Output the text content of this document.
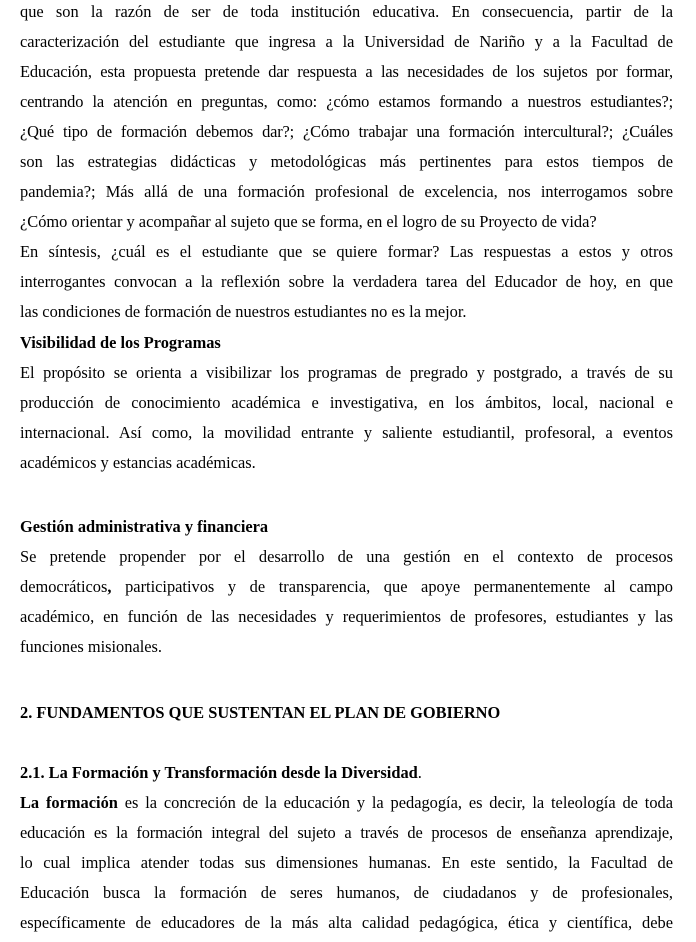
que son la razón de ser de toda institución educativa. En consecuencia, partir de la
caracterización del estudiante que ingresa a la Universidad de Nariño y a la Facultad de
Educación, esta propuesta pretende dar respuesta a las necesidades de los sujetos por formar,
centrando la atención en preguntas, como: ¿cómo estamos formando a nuestros estudiantes?;
¿Qué tipo de formación debemos dar?; ¿Cómo trabajar una formación intercultural?; ¿Cuáles
son las estrategias didácticas y metodológicas más pertinentes para estos tiempos de
pandemia?; Más allá de una formación profesional de excelencia, nos interrogamos sobre
¿Cómo orientar y acompañar al sujeto que se forma, en el logro de su Proyecto de vida?
En síntesis, ¿cuál es el estudiante que se quiere formar? Las respuestas a estos y otros
interrogantes convocan a la reflexión sobre la verdadera tarea del Educador de hoy, en que
las condiciones de formación de nuestros estudiantes no es la mejor.
Visibilidad de los Programas
El propósito se orienta a visibilizar los programas de pregrado y postgrado, a través de su
producción de conocimiento académica e investigativa, en los ámbitos, local, nacional e
internacional. Así como, la movilidad entrante y saliente estudiantil, profesoral, a eventos
académicos y estancias académicas.
Gestión administrativa y financiera
Se pretende propender por el desarrollo de una gestión en el contexto de procesos
democráticos, participativos y de transparencia, que apoye permanentemente al campo
académico, en función de las necesidades y requerimientos de profesores, estudiantes y las
funciones misionales.
2. FUNDAMENTOS QUE SUSTENTAN EL PLAN DE GOBIERNO
2.1. La Formación y Transformación desde la Diversidad.
La formación es la concreción de la educación y la pedagogía, es decir, la teleología de toda
educación es la formación integral del sujeto a través de procesos de enseñanza aprendizaje,
lo cual implica atender todas sus dimensiones humanas. En este sentido, la Facultad de
Educación busca la formación de seres humanos, de ciudadanos y de profesionales,
específicamente de educadores de la más alta calidad pedagógica, ética y científica, debe
